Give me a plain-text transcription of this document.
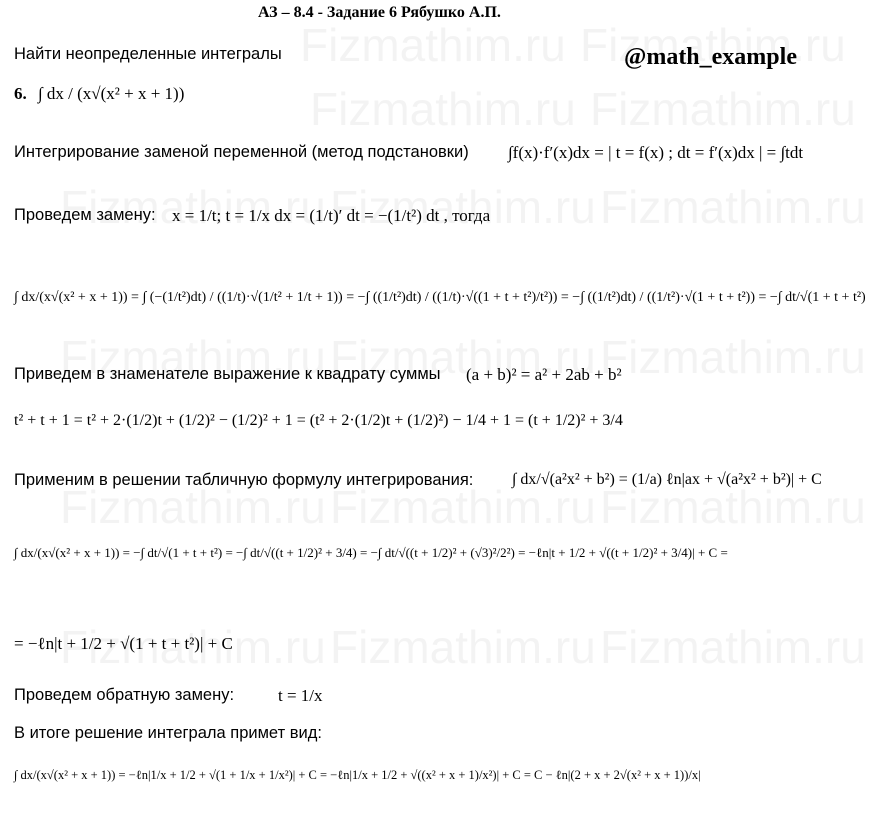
АЗ – 8.4 - Задание 6 Рябушко А.П.
@math_example
Найти неопределенные интегралы
6. ∫ dx / (x√(x² + x + 1))
Интегрирование заменой переменной (метод подстановки) ∫f(x)·f′(x)dx = | t = f(x) ; dt = f′(x)dx | = ∫tdt
Проведем замену: x = 1/t; t = 1/x dx = (1/t)′ dt = −(1/t²) dt , тогда
∫ dx/(x√(x² + x + 1)) = ∫ (−(1/t²)dt) / ((1/t)·√(1/t² + 1/t + 1)) = −∫ ((1/t²)dt) / ((1/t)·√((1 + t + t²)/t²)) = −∫ ((1/t²)dt) / ((1/t²)·√(1 + t + t²)) = −∫ dt/√(1 + t + t²)
Приведем в знаменателе выражение к квадрату суммы (a + b)² = a² + 2ab + b²
t² + t + 1 = t² + 2·(1/2)t + (1/2)² − (1/2)² + 1 = (t² + 2·(1/2)t + (1/2)²) − 1/4 + 1 = (t + 1/2)² + 3/4
Применим в решении табличную формулу интегрирования: ∫ dx/√(a²x² + b²) = (1/a) ℓn|ax + √(a²x² + b²)| + C
∫ dx/(x√(x² + x + 1)) = −∫ dt/√(1 + t + t²) = −∫ dt/√((t + 1/2)² + 3/4) = −∫ dt/√((t + 1/2)² + (√3)²/2²) = −ℓn|t + 1/2 + √((t + 1/2)² + 3/4)| + C =
= −ℓn|t + 1/2 + √(1 + t + t²)| + C
Проведем обратную замену:	t = 1/x
В итоге решение интеграла примет вид:
∫ dx/(x√(x² + x + 1)) = −ℓn|1/x + 1/2 + √(1 + 1/x + 1/x²)| + C = −ℓn|1/x + 1/2 + √((x² + x + 1)/x²)| + C = C − ℓn|(2 + x + 2√(x² + x + 1))/x|
